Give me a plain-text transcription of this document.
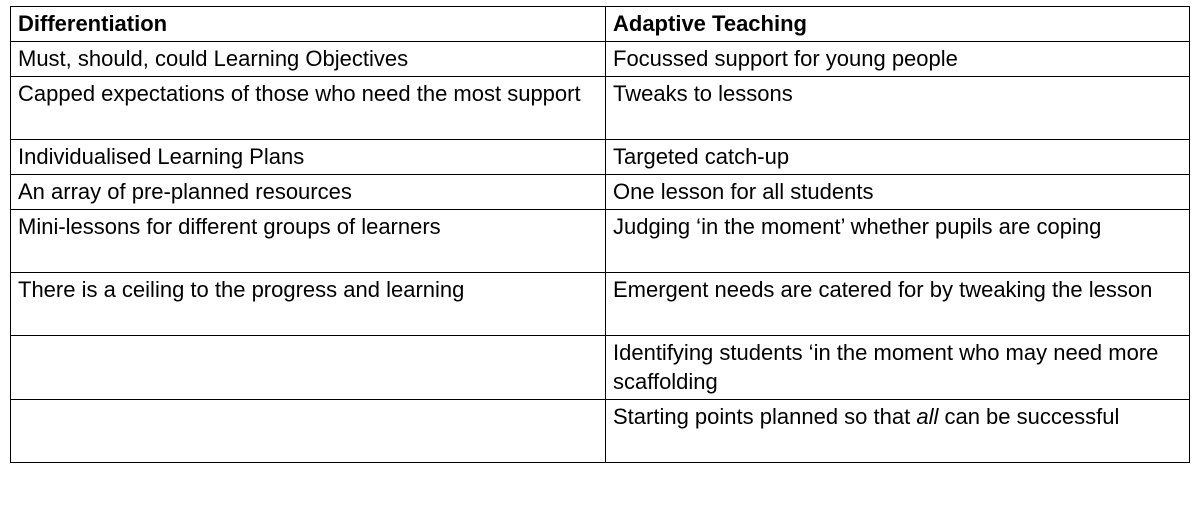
Differentiation	Adaptive Teaching
Must, should, could Learning Objectives	Focussed support for young people
Capped expectations of those who need the most support	Tweaks to lessons
Individualised Learning Plans	Targeted catch-up
An array of pre-planned resources	One lesson for all students
Mini-lessons for different groups of learners	Judging ‘in the moment’ whether pupils are coping
There is a ceiling to the progress and learning	Emergent needs are catered for by tweaking the lesson
	Identifying students ‘in the moment who may need more scaffolding
	Starting points planned so that all can be successful
